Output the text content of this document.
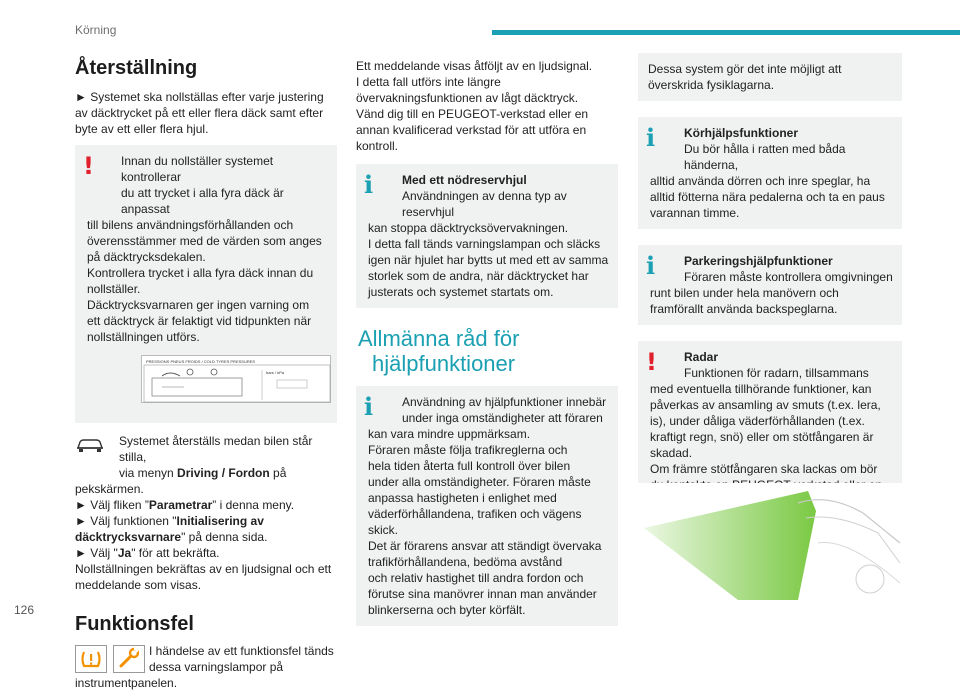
Körning
Återställning
► Systemet ska nollställas efter varje justering
av däcktrycket på ett eller flera däck samt efter
byte av ett eller flera hjul.
!	Innan du nollställer systemet kontrollerar
du att trycket i alla fyra däck är anpassat
till bilens användningsförhållanden och
överensstämmer med de värden som anges
på däcktrycksdekalen.
Kontrollera trycket i alla fyra däck innan du
nollställer.
Däcktrycksvarnaren ger ingen varning om
ett däcktryck är felaktigt vid tidpunkten när
nollställningen utförs.
PRESSIONS PNEUS FROIDS / COLD TYRES PRESSURES
bars / kPa
Systemet återställs medan bilen står stilla,
via menyn Driving / Fordon på
pekskärmen.
► Välj fliken ”Parametrar” i denna meny.
► Välj funktionen "Initialisering av
däcktrycksvarnare" på denna sida.
► Välj "Ja" för att bekräfta.
Nollställningen bekräftas av en ljudsignal och ett
meddelande som visas.
Funktionsfel
I händelse av ett funktionsfel tänds
dessa varningslampor på
instrumentpanelen.
Ett meddelande visas åtföljt av en ljudsignal.
I detta fall utförs inte längre
övervakningsfunktionen av lågt däcktryck.
Vänd dig till en PEUGEOT-verkstad eller en
annan kvalificerad verkstad för att utföra en
kontroll.
i	Med ett nödreservhjul
Användningen av denna typ av reservhjul
kan stoppa däcktrycksövervakningen.
I detta fall tänds varningslampan och släcks
igen när hjulet har bytts ut med ett av samma
storlek som de andra, när däcktrycket har
justerats och systemet startats om.
Allmänna råd för
hjälpfunktioner
i	Användning av hjälpfunktioner innebär
under inga omständigheter att föraren
kan vara mindre uppmärksam.
Föraren måste följa trafikreglerna och
hela tiden återta full kontroll över bilen
under alla omständigheter. Föraren måste
anpassa hastigheten i enlighet med
väderförhållandena, trafiken och vägens
skick.
Det är förarens ansvar att ständigt övervaka
trafikförhållandena, bedöma avstånd
och relativ hastighet till andra fordon och
förutse sina manövrer innan man använder
blinkerserna och byter körfält.
Dessa system gör det inte möjligt att
överskrida fysiklagarna.
i	Körhjälpsfunktioner
Du bör hålla i ratten med båda händerna,
alltid använda dörren och inre speglar, ha
alltid fötterna nära pedalerna och ta en paus
varannan timme.
i	Parkeringshjälpfunktioner
Föraren måste kontrollera omgivningen
runt bilen under hela manövern och
framförallt använda backspeglarna.
!	Radar
Funktionen för radarn, tillsammans
med eventuella tillhörande funktioner, kan
påverkas av ansamling av smuts (t.ex. lera,
is), under dåliga väderförhållanden (t.ex.
kraftigt regn, snö) eller om stötfångaren är
skadad.
Om främre stötfångaren ska lackas om bör
126
